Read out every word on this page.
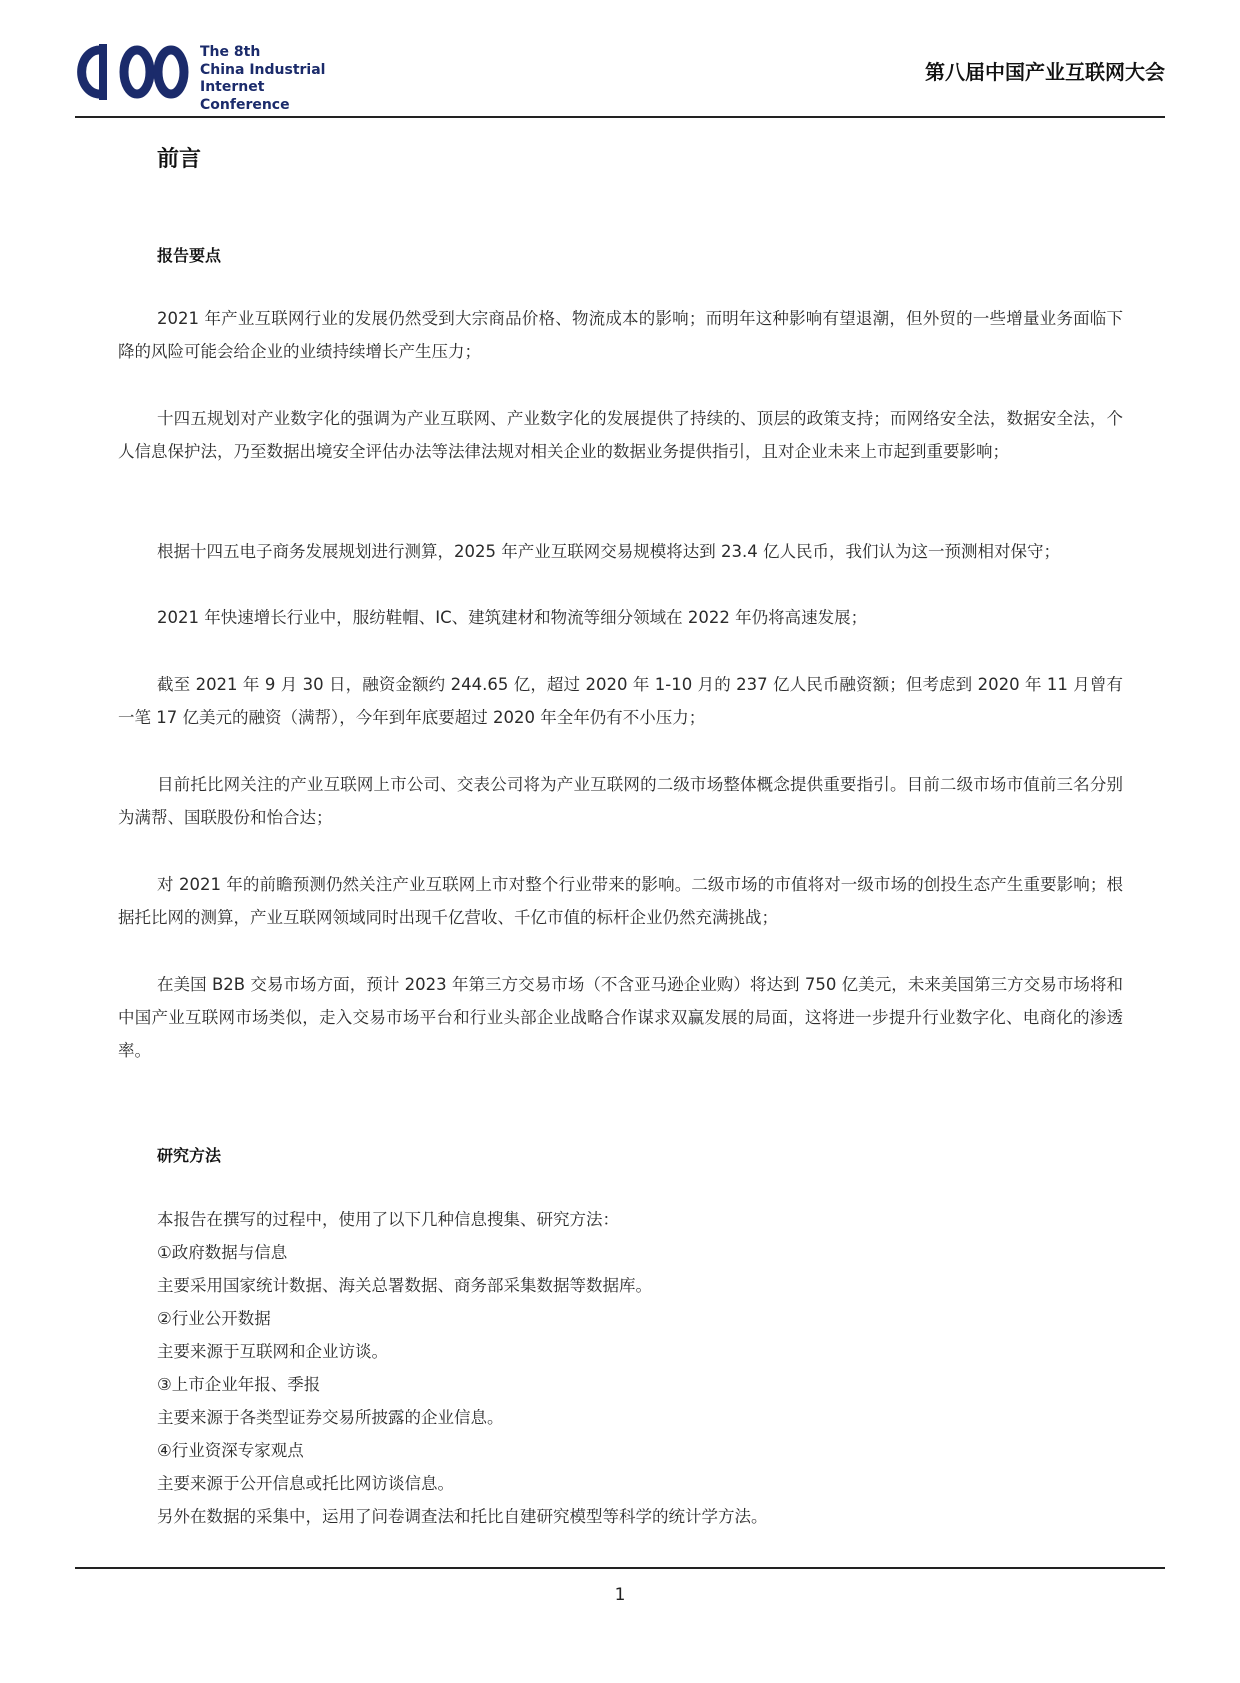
The 8th
China Industrial Internet
Conference
第八届中国产业互联网大会
前言
报告要点

2021 年产业互联网行业的发展仍然受到大宗商品价格、物流成本的影响；而明年这种影响有望退潮，但外贸的一些增量业务面临下降的风险可能会给企业的业绩持续增长产生压力；

十四五规划对产业数字化的强调为产业互联网、产业数字化的发展提供了持续的、顶层的政策支持；而网络安全法，数据安全法，个人信息保护法，乃至数据出境安全评估办法等法律法规对相关企业的数据业务提供指引，且对企业未来上市起到重要影响；

根据十四五电子商务发展规划进行测算，2025 年产业互联网交易规模将达到 23.4 亿人民币，我们认为这一预测相对保守；

2021 年快速增长行业中，服纺鞋帽、IC、建筑建材和物流等细分领域在 2022 年仍将高速发展；

截至 2021 年 9 月 30 日，融资金额约 244.65 亿，超过 2020 年 1-10 月的 237 亿人民币融资额；但考虑到 2020 年 11 月曾有一笔 17 亿美元的融资（满帮），今年到年底要超过 2020 年全年仍有不小压力；

目前托比网关注的产业互联网上市公司、交表公司将为产业互联网的二级市场整体概念提供重要指引。目前二级市场市值前三名分别为满帮、国联股份和怡合达；

对 2021 年的前瞻预测仍然关注产业互联网上市对整个行业带来的影响。二级市场的市值将对一级市场的创投生态产生重要影响；根据托比网的测算，产业互联网领域同时出现千亿营收、千亿市值的标杆企业仍然充满挑战；

在美国 B2B 交易市场方面，预计 2023 年第三方交易市场（不含亚马逊企业购）将达到 750 亿美元，未来美国第三方交易市场将和中国产业互联网市场类似，走入交易市场平台和行业头部企业战略合作谋求双赢发展的局面，这将进一步提升行业数字化、电商化的渗透率。

研究方法
本报告在撰写的过程中，使用了以下几种信息搜集、研究方法：
①政府数据与信息
主要采用国家统计数据、海关总署数据、商务部采集数据等数据库。
②行业公开数据
主要来源于互联网和企业访谈。
③上市企业年报、季报
主要来源于各类型证券交易所披露的企业信息。
④行业资深专家观点
主要来源于公开信息或托比网访谈信息。
另外在数据的采集中，运用了问卷调查法和托比自建研究模型等科学的统计学方法。
1
